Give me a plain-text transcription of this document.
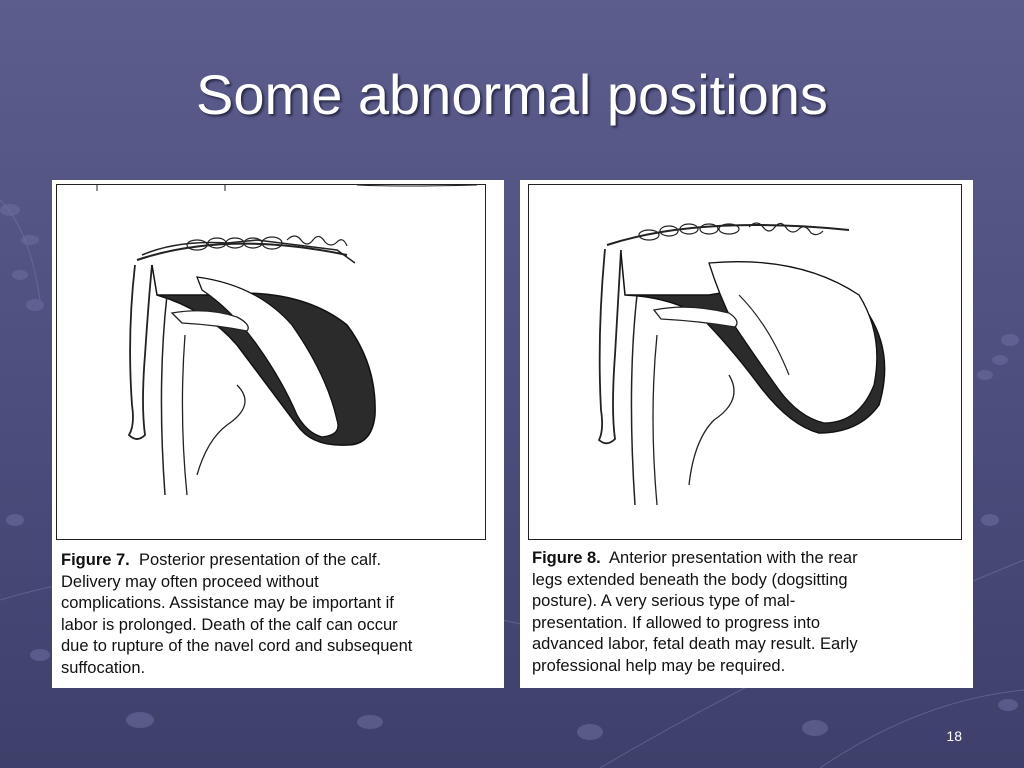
Some abnormal positions
Figure 7. Posterior presentation of the calf.
Delivery may often proceed without
complications. Assistance may be important if
labor is prolonged. Death of the calf can occur
due to rupture of the navel cord and subsequent
suffocation.
Figure 8. Anterior presentation with the rear
legs extended beneath the body (dogsitting
posture). A very serious type of mal-
presentation. If allowed to progress into
advanced labor, fetal death may result. Early
professional help may be required.
18
